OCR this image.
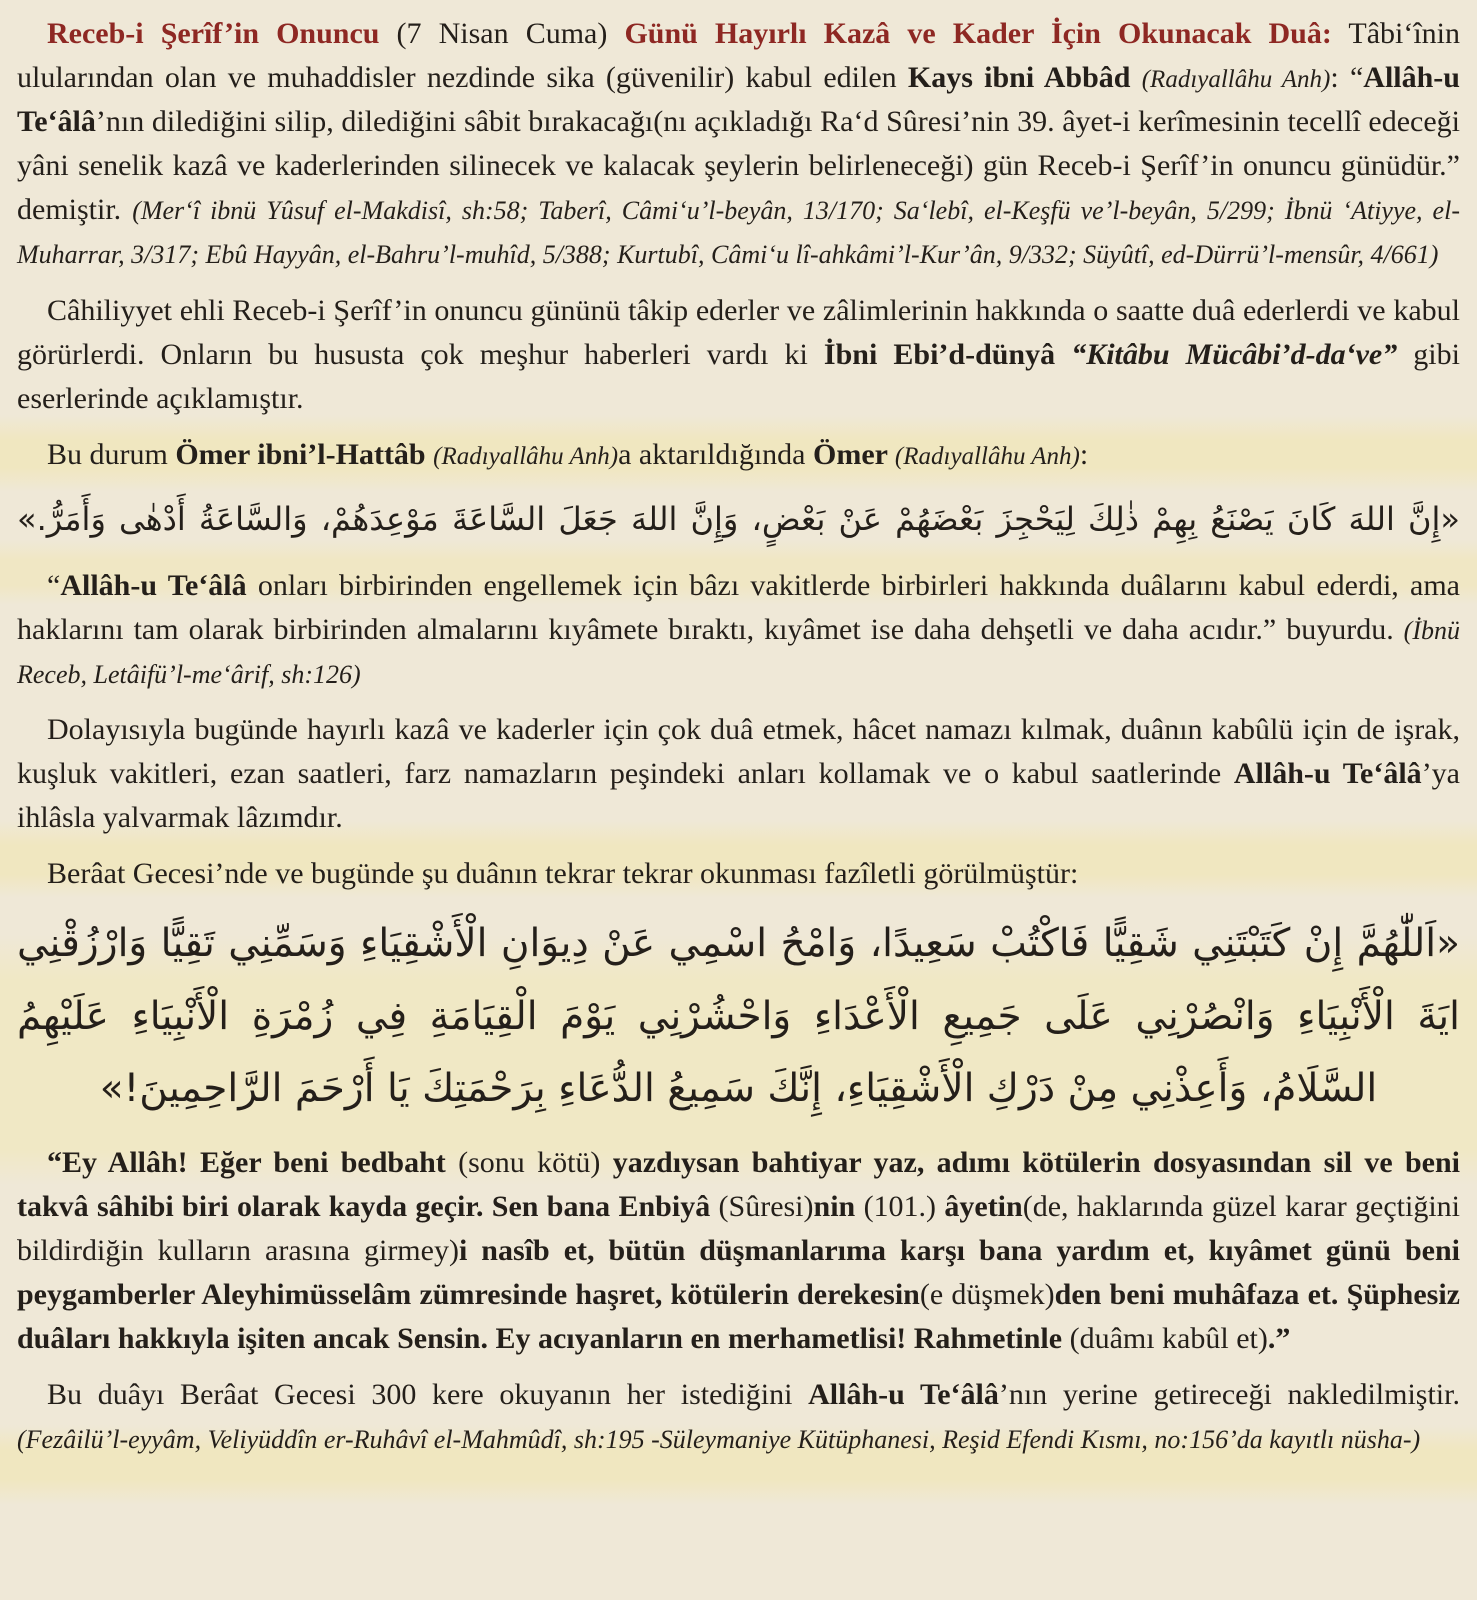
Receb-i Şerîf’in Onuncu (7 Nisan Cuma) Günü Hayırlı Kazâ ve Kader İçin Okunacak Duâ: Tâbi‘înin ulularından olan ve muhaddisler nezdinde sika (güvenilir) kabul edilen Kays ibni Abbâd (Radıyallâhu Anh): “Allâh-u Te‘âlâ’nın dilediğini silip, dilediğini sâbit bırakacağı(nı açıkladığı Ra‘d Sûresi’nin 39. âyet-i kerîmesinin tecellî edeceği yâni senelik kazâ ve kaderlerinden silinecek ve kalacak şeylerin belirleneceği) gün Receb-i Şerîf’in onuncu günüdür.” demiştir. (Mer‘î ibnü Yûsuf el-Makdisî, sh:58; Taberî, Câmi‘u’l-beyân, 13/170; Sa‘lebî, el-Keşfü ve’l-beyân, 5/299; İbnü ‘Atiyye, el-Muharrar, 3/317; Ebû Hayyân, el-Bahru’l-muhîd, 5/388; Kurtubî, Câmi‘u lî-ahkâmi’l-Kur’ân, 9/332; Süyûtî, ed-Dürrü’l-mensûr, 4/661)

Câhiliyyet ehli Receb-i Şerîf’in onuncu gününü tâkip ederler ve zâlimlerinin hakkında o saatte duâ ederlerdi ve kabul görürlerdi. Onların bu hususta çok meşhur haberleri vardı ki İbni Ebi’d-dünyâ “Kitâbu Mücâbi’d-da‘ve” gibi eserlerinde açıklamıştır.

Bu durum Ömer ibni’l-Hattâb (Radıyallâhu Anh)a aktarıldığında Ömer (Radıyallâhu Anh):

«إِنَّ اللهَ كَانَ يَصْنَعُ بِهِمْ ذٰلِكَ لِيَحْجِزَ بَعْضَهُمْ عَنْ بَعْضٍ، وَإِنَّ اللهَ جَعَلَ السَّاعَةَ مَوْعِدَهُمْ، وَالسَّاعَةُ أَدْهٰى وَأَمَرُّ.»

“Allâh-u Te‘âlâ onları birbirinden engellemek için bâzı vakitlerde birbirleri hakkında duâlarını kabul ederdi, ama haklarını tam olarak birbirinden almalarını kıyâmete bıraktı, kıyâmet ise daha dehşetli ve daha acıdır.” buyurdu. (İbnü Receb, Letâifü’l-me‘ârif, sh:126)

Dolayısıyla bugünde hayırlı kazâ ve kaderler için çok duâ etmek, hâcet namazı kılmak, duânın kabûlü için de işrak, kuşluk vakitleri, ezan saatleri, farz namazların peşindeki anları kollamak ve o kabul saatlerinde Allâh-u Te‘âlâ’ya ihlâsla yalvarmak lâzımdır.

Berâat Gecesi’nde ve bugünde şu duânın tekrar tekrar okunması fazîletli görülmüştür:

«اَللّٰهُمَّ إِنْ كَتَبْتَنِي شَقِيًّا فَاكْتُبْ سَعِيدًا، وَامْحُ اسْمِي عَنْ دِيوَانِ الْأَشْقِيَاءِ وَسَمِّنِي تَقِيًّا وَارْزُقْنِي
ايَةَ الْأَنْبِيَاءِ وَانْصُرْنِي عَلَى جَمِيعِ الْأَعْدَاءِ وَاحْشُرْنِي يَوْمَ الْقِيَامَةِ فِي زُمْرَةِ الْأَنْبِيَاءِ عَلَيْهِمُ
السَّلَامُ، وَأَعِذْنِي مِنْ دَرْكِ الْأَشْقِيَاءِ، إِنَّكَ سَمِيعُ الدُّعَاءِ بِرَحْمَتِكَ يَا أَرْحَمَ الرَّاحِمِينَ!»

“Ey Allâh! Eğer beni bedbaht (sonu kötü) yazdıysan bahtiyar yaz, adımı kötülerin dosyasından sil ve beni takvâ sâhibi biri olarak kayda geçir. Sen bana Enbiyâ (Sûresi)nin (101.) âyetin(de, haklarında güzel karar geçtiğini bildirdiğin kulların arasına girmey)i nasîb et, bütün düşmanlarıma karşı bana yardım et, kıyâmet günü beni peygamberler Aleyhimüsselâm zümresinde haşret, kötülerin derekesin(e düşmek)den beni muhâfaza et. Şüphesiz duâları hakkıyla işiten ancak Sensin. Ey acıyanların en merhametlisi! Rahmetinle (duâmı kabûl et).”

Bu duâyı Berâat Gecesi 300 kere okuyanın her istediğini Allâh-u Te‘âlâ’nın yerine getireceği nakledilmiştir. (Fezâilü’l-eyyâm, Veliyüddîn er-Ruhâvî el-Mahmûdî, sh:195 -Süleymaniye Kütüphanesi, Reşid Efendi Kısmı, no:156’da kayıtlı nüsha-)
